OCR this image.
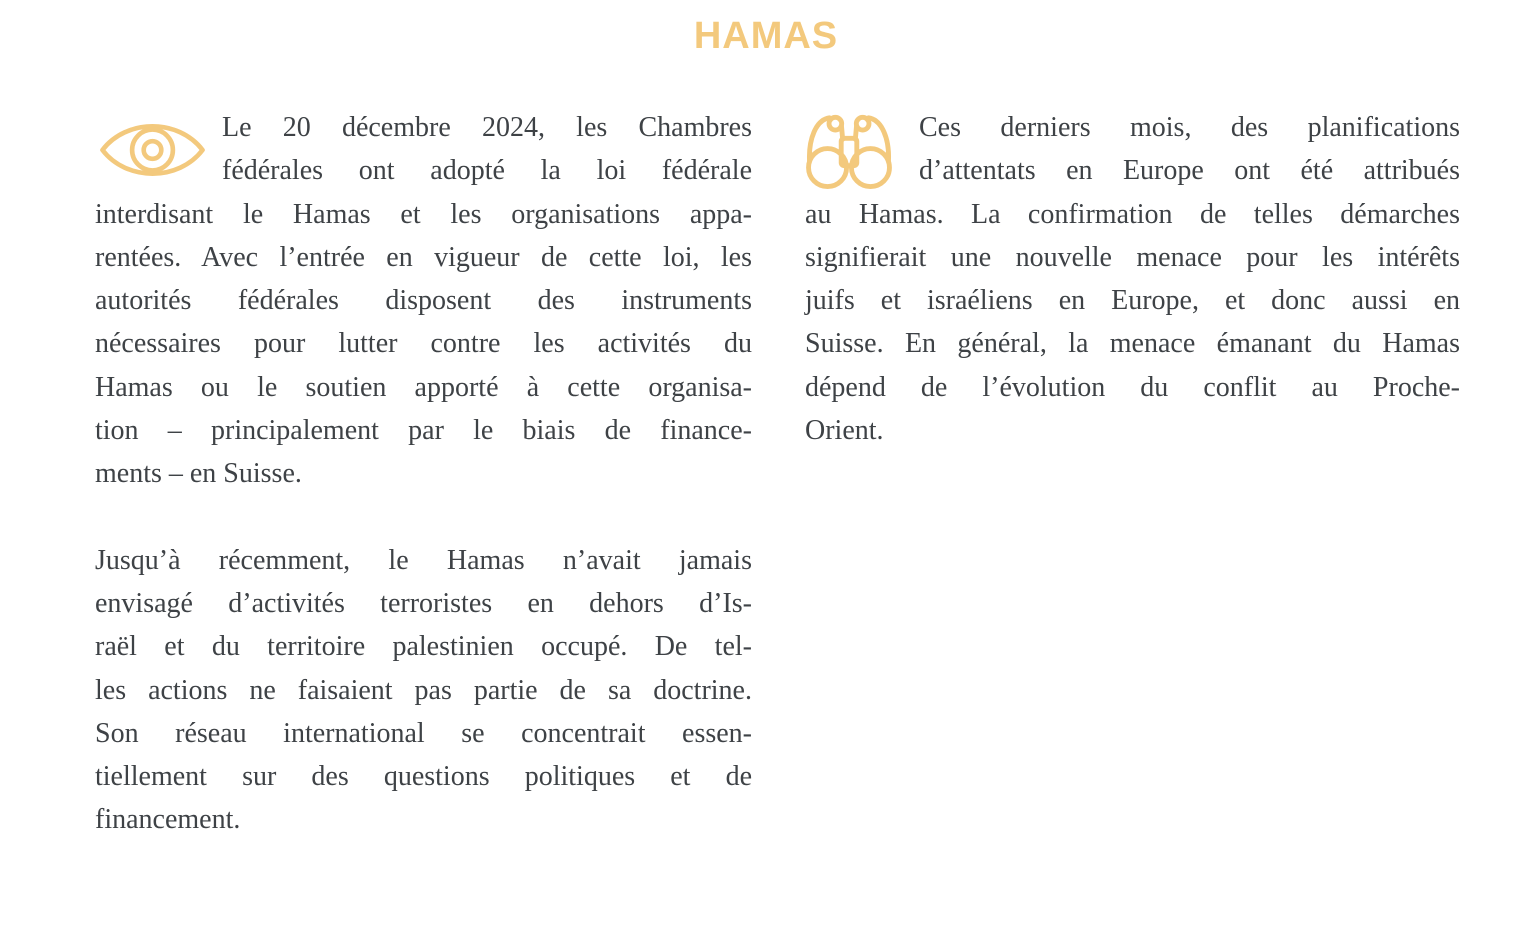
HAMAS
Le 20 décembre 2024, les Chambres
fédérales ont adopté la loi fédérale
interdisant le Hamas et les organisations appa-
rentées. Avec l’entrée en vigueur de cette loi, les
autorités fédérales disposent des instruments
nécessaires pour lutter contre les activités du
Hamas ou le soutien apporté à cette organisa-
tion – principalement par le biais de finance-
ments – en Suisse.
Jusqu’à récemment, le Hamas n’avait jamais
envisagé d’activités terroristes en dehors d’Is-
raël et du territoire palestinien occupé. De tel-
les actions ne faisaient pas partie de sa doctrine.
Son réseau international se concentrait essen-
tiellement sur des questions politiques et de
financement.
Ces derniers mois, des planifications
d’attentats en Europe ont été attribués
au Hamas. La confirmation de telles démarches
signifierait une nouvelle menace pour les intérêts
juifs et israéliens en Europe, et donc aussi en
Suisse. En général, la menace émanant du Hamas
dépend de l’évolution du conflit au Proche-
Orient.
